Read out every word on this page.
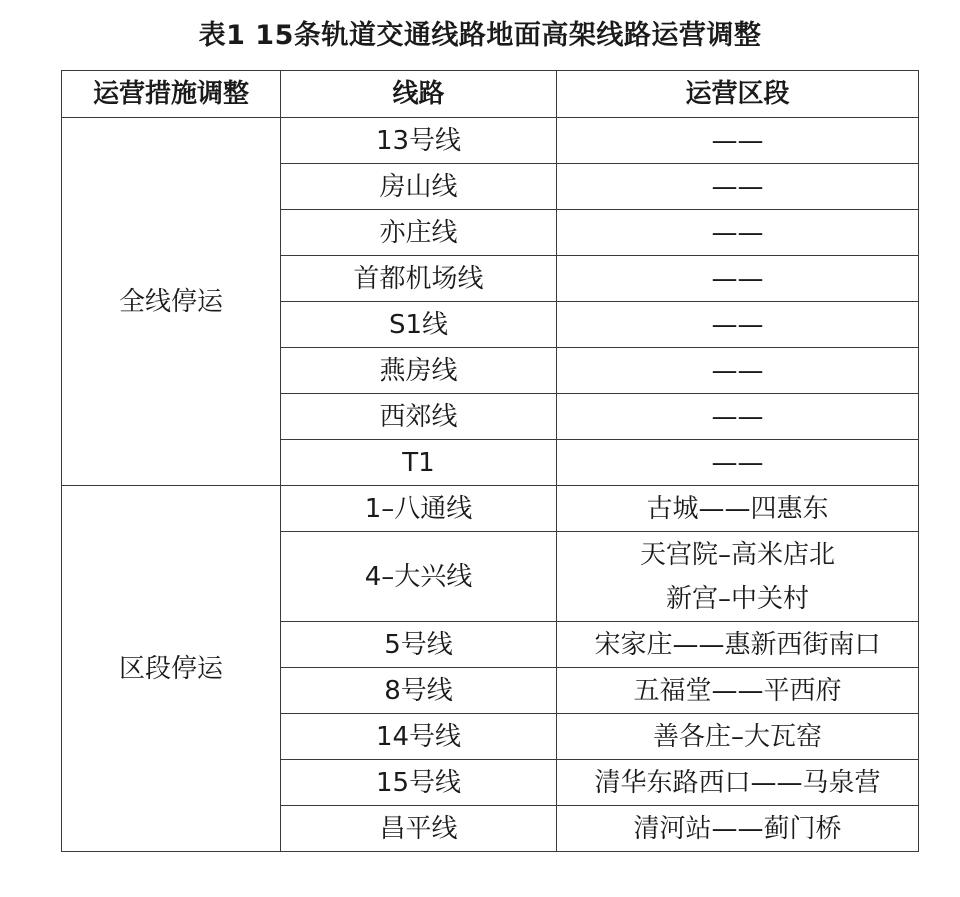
表1 15条轨道交通线路地面高架线路运营调整
运营措施调整	线路	运营区段
全线停运	13号线	——

	房山线	——

	亦庄线	——

	首都机场线	——

	S1线	——

	燕房线	——

	西郊线	——

	T1	——

区段停运	1–八通线	古城——四惠东

	4–大兴线	天宫院–高米店北
新宫–中关村

	5号线	宋家庄——惠新西街南口

	8号线	五福堂——平西府

	14号线	善各庄–大瓦窑

	15号线	清华东路西口——马泉营

	昌平线	清河站——蓟门桥
